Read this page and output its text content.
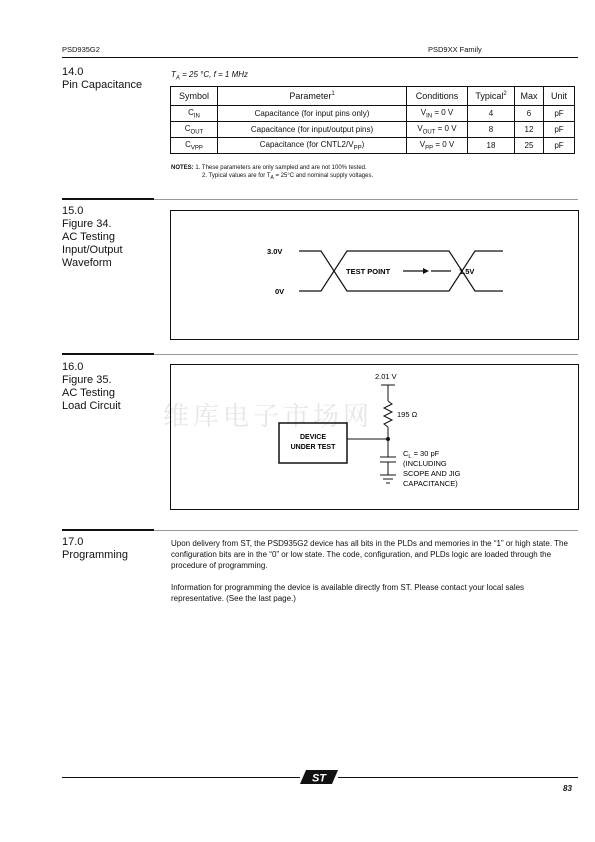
PSD935G2	PSD9XX Family
14.0
Pin Capacitance
$T_A = 25$ °C, f = 1 MHz
Symbol	Parameter$^1$	Conditions	Typical$^2$	Max	Unit
$C_{IN}$	Capacitance (for input pins only)	$V_{IN} = 0$ V	4	6	pF
$C_{OUT}$	Capacitance (for input/output pins)	$V_{OUT} = 0$ V	8	12	pF
$C_{VPP}$	Capacitance (for $CNTL2/V_{PP}$)	$V_{PP} = 0$ V	18	25	pF
NOTES: 1. These parameters are only sampled and are not 100% tested.
2. Typical values are for $T_A = 25^\circ C$ and nominal supply voltages.
15.0
Figure 34.
AC Testing
Input/Output
Waveform
3.0V
0V
TEST POINT	1.5V
16.0
Figure 35.
AC Testing
Load Circuit 维库电子市场网
2.01 V
195 Ω
DEVICE
UNDER TEST
$C_L = 30$ pF
(INCLUDING
SCOPE AND JIG
CAPACITANCE)
17.0
Programming
Upon delivery from ST, the PSD935G2 device has all bits in the PLDs and memories in the “1” or high state. The configuration bits are in the “0” or low state. The code, configuration, and PLDs logic are loaded through the procedure of programming.
Information for programming the device is available directly from ST. Please contact your local sales representative. (See the last page.)
ST
83
